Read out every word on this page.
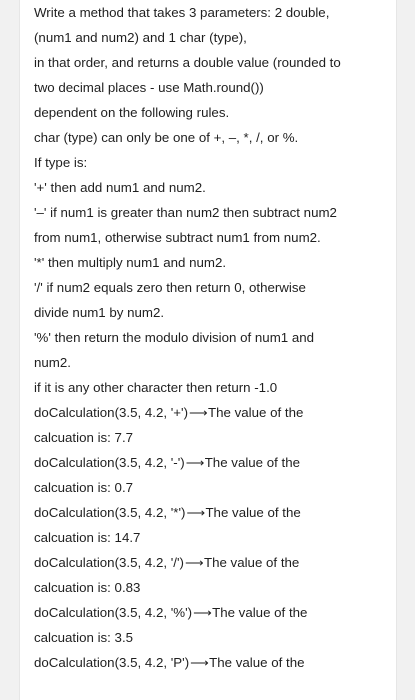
Write a method that takes 3 parameters: 2 double,

(num1 and num2) and 1 char (type),

in that order, and returns a double value (rounded to

two decimal places - use Math.round())

dependent on the following rules.

char (type) can only be one of +, –, *, /, or %.

If type is:

'+' then add num1 and num2.

'–' if num1 is greater than num2 then subtract num2

from num1, otherwise subtract num1 from num2.

'*' then multiply num1 and num2.

'/' if num2 equals zero then return 0, otherwise

divide num1 by num2.

'%' then return the modulo division of num1 and

num2.

if it is any other character then return -1.0

doCalculation(3.5, 4.2, '+')⟶The value of the

calcuation is: 7.7

doCalculation(3.5, 4.2, '-')⟶The value of the

calcuation is: 0.7

doCalculation(3.5, 4.2, '*')⟶The value of the

calcuation is: 14.7

doCalculation(3.5, 4.2, '/')⟶The value of the

calcuation is: 0.83

doCalculation(3.5, 4.2, '%')⟶The value of the

calcuation is: 3.5

doCalculation(3.5, 4.2, 'P')⟶The value of the
